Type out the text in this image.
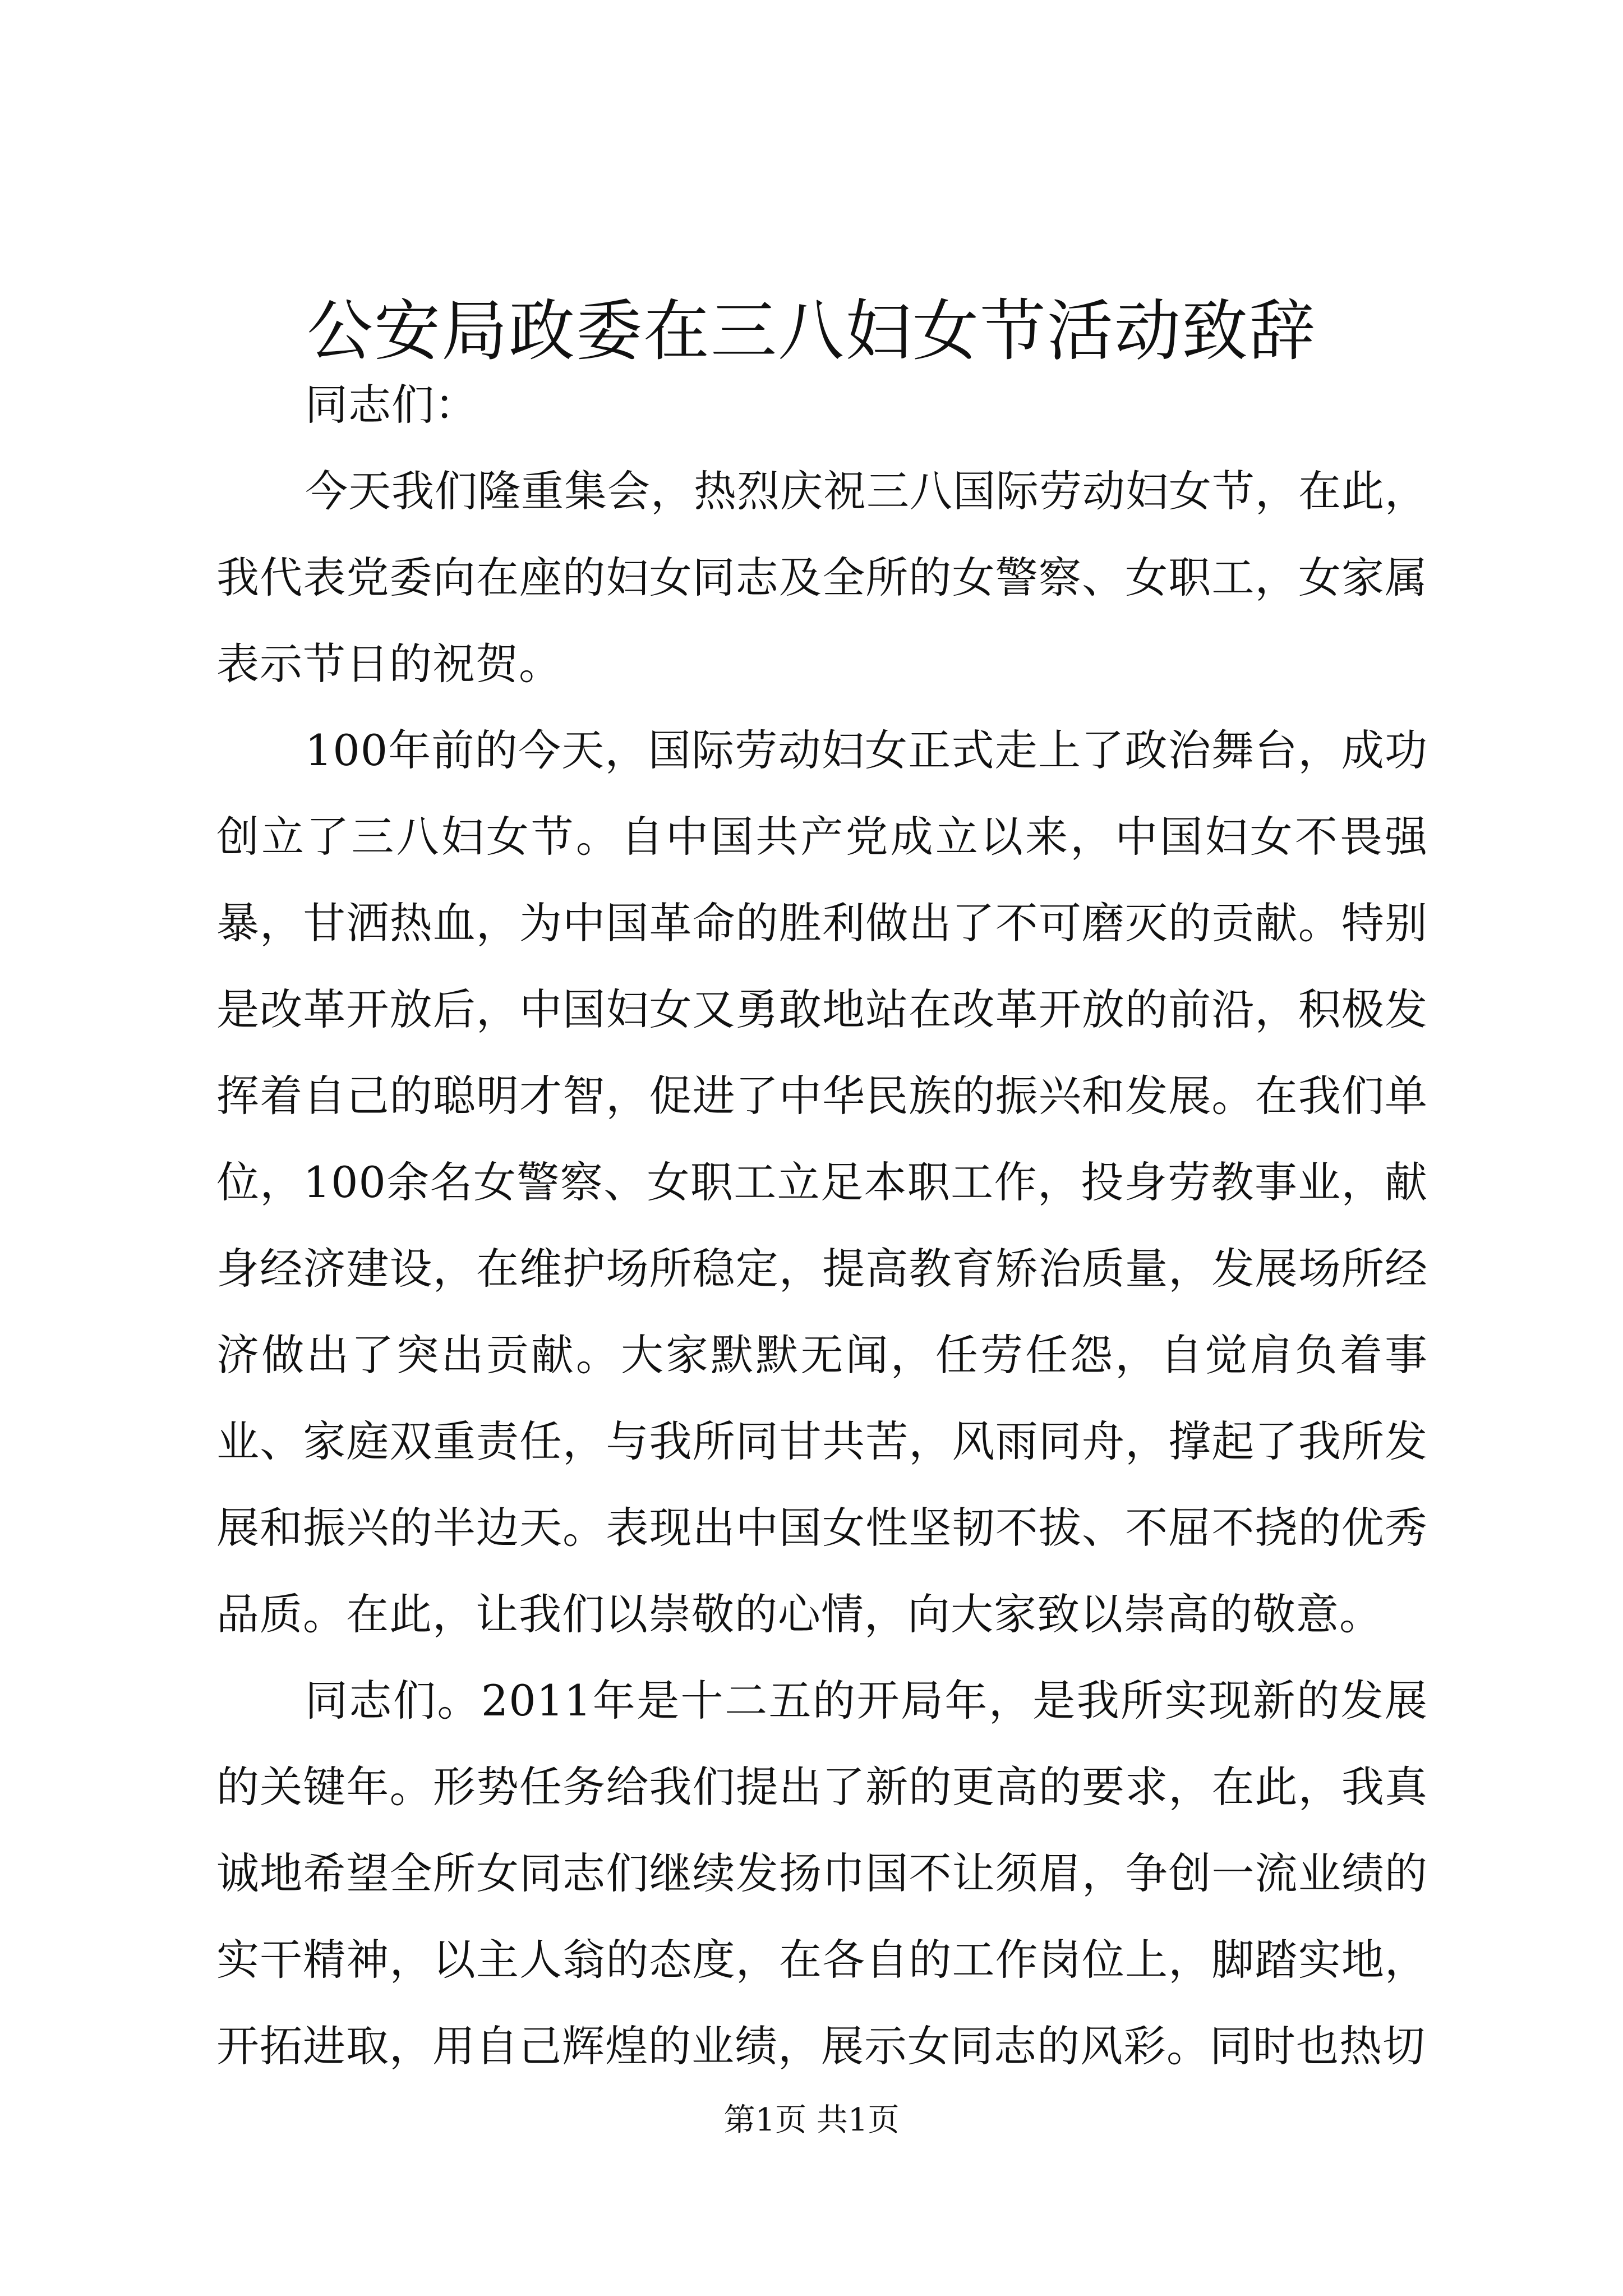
公安局政委在三八妇女节活动致辞

同志们：

今天我们隆重集会，热烈庆祝三八国际劳动妇女节，在此，我代表党委向在座的妇女同志及全所的女警察、女职工，女家属表示节日的祝贺。

100年前的今天，国际劳动妇女正式走上了政治舞台，成功创立了三八妇女节。自中国共产党成立以来，中国妇女不畏强暴，甘洒热血，为中国革命的胜利做出了不可磨灭的贡献。特别是改革开放后，中国妇女又勇敢地站在改革开放的前沿，积极发挥着自己的聪明才智，促进了中华民族的振兴和发展。在我们单位，100余名女警察、女职工立足本职工作，投身劳教事业，献身经济建设，在维护场所稳定，提高教育矫治质量，发展场所经济做出了突出贡献。大家默默无闻，任劳任怨，自觉肩负着事业、家庭双重责任，与我所同甘共苦，风雨同舟，撑起了我所发展和振兴的半边天。表现出中国女性坚韧不拔、不屈不挠的优秀品质。在此，让我们以崇敬的心情，向大家致以崇高的敬意。

同志们。2011年是十二五的开局年，是我所实现新的发展的关键年。形势任务给我们提出了新的更高的要求，在此，我真诚地希望全所女同志们继续发扬巾国不让须眉，争创一流业绩的实干精神，以主人翁的态度，在各自的工作岗位上，脚踏实地，开拓进取，用自己辉煌的业绩，展示女同志的风彩。同时也热切

第1页 共1页
